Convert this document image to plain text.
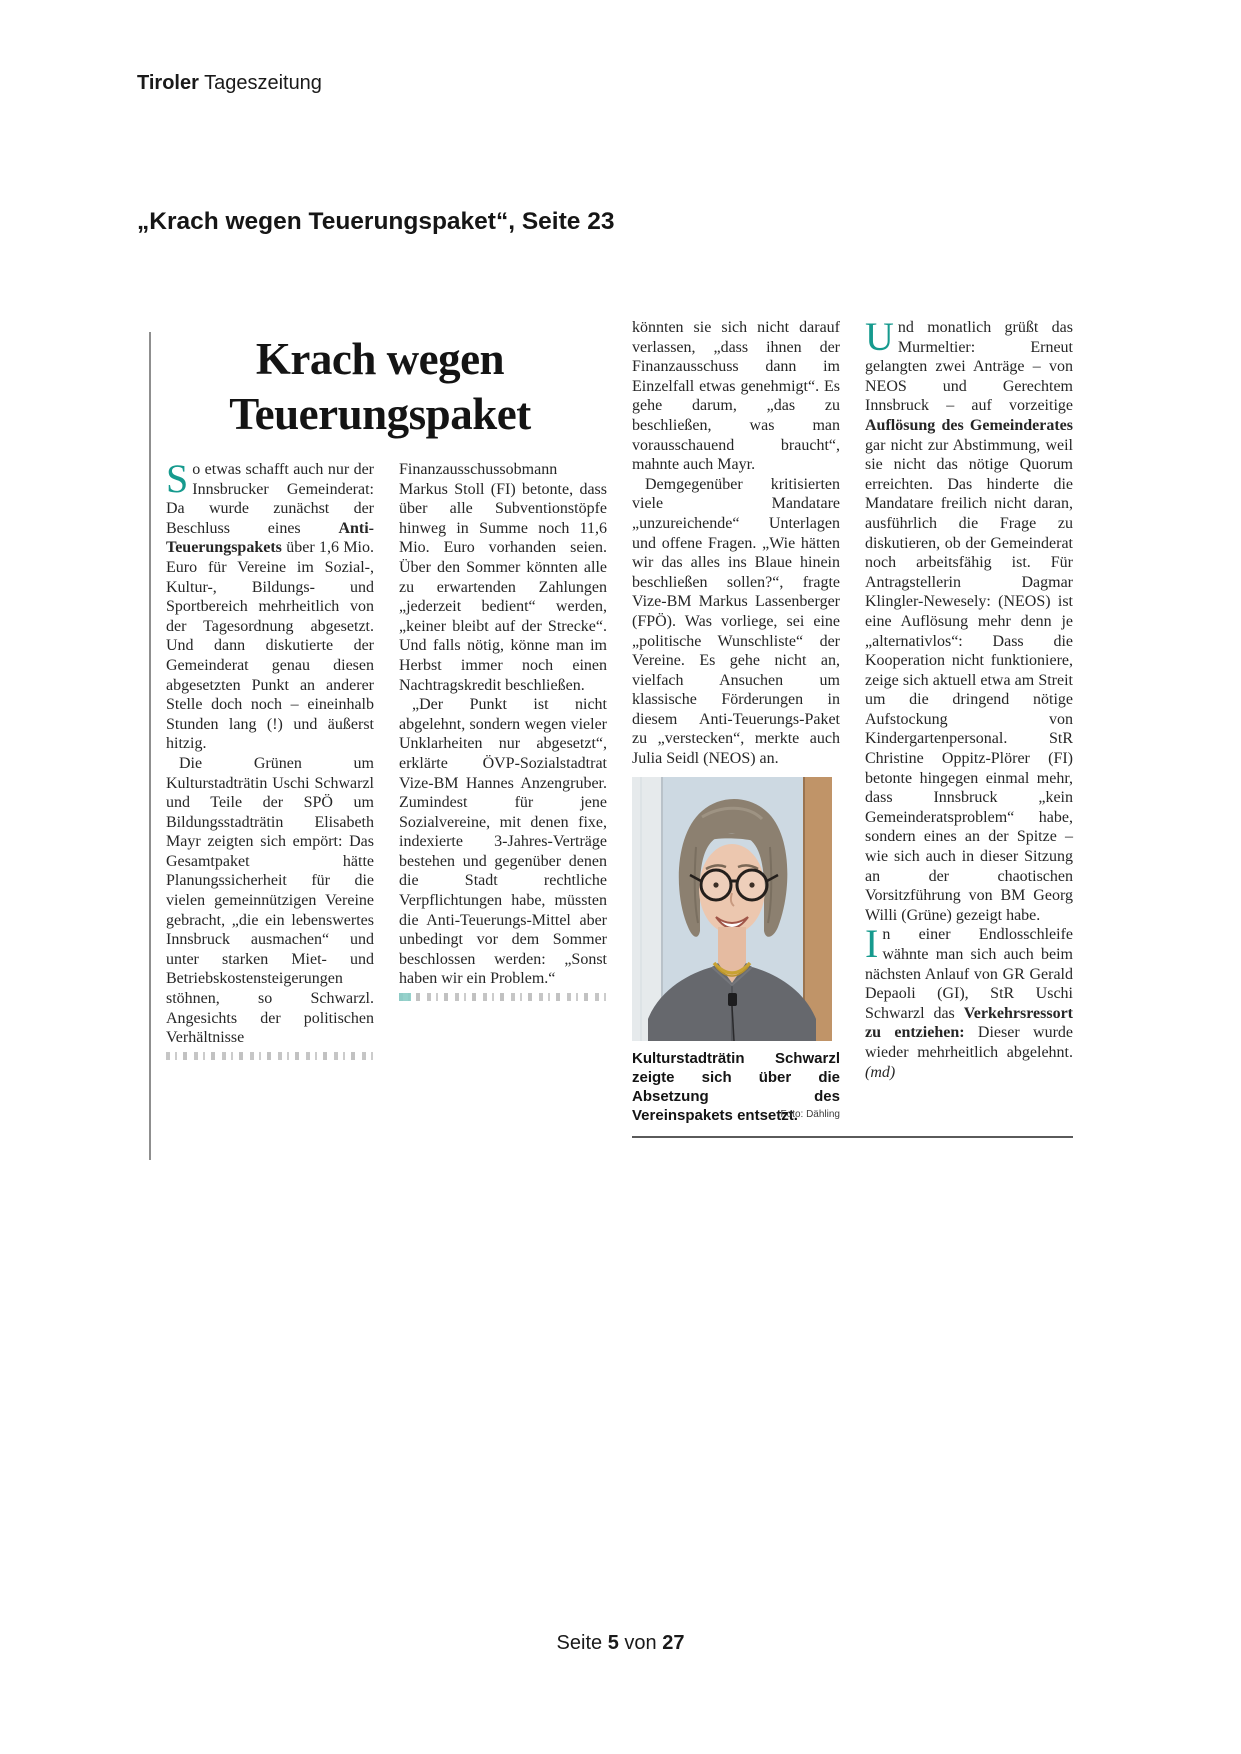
Tiroler Tageszeitung
„Krach wegen Teuerungspaket“, Seite 23
Krach wegen
Teuerungspaket

So etwas schafft auch nur der Innsbrucker Gemeinderat: Da wurde zunächst der Beschluss eines Anti-Teuerungspakets über 1,6 Mio. Euro für Vereine im Sozial-, Kultur-, Bildungs- und Sportbereich mehrheitlich von der Tagesordnung abgesetzt. Und dann diskutierte der Gemeinderat genau diesen abgesetzten Punkt an anderer Stelle doch noch – eineinhalb Stunden lang (!) und äußerst hitzig.

Die Grünen um Kulturstadträtin Uschi Schwarzl und Teile der SPÖ um Bildungsstadträtin Elisabeth Mayr zeigten sich empört: Das Gesamtpaket hätte Planungssicherheit für die vielen gemeinnützigen Vereine gebracht, „die ein lebenswertes Innsbruck ausmachen“ und unter starken Miet- und Betriebskostensteigerungen stöhnen, so Schwarzl. Angesichts der politischen Verhältnisse

Finanzausschussobmann Markus Stoll (FI) betonte, dass über alle Subventionstöpfe hinweg in Summe noch 11,6 Mio. Euro vorhanden seien. Über den Sommer könnten alle zu erwartenden Zahlungen „jederzeit bedient“ werden, „keiner bleibt auf der Strecke“. Und falls nötig, könne man im Herbst immer noch einen Nachtragskredit beschließen.

„Der Punkt ist nicht abgelehnt, sondern wegen vieler Unklarheiten nur abgesetzt“, erklärte ÖVP-Sozialstadtrat Vize-BM Hannes Anzengruber. Zumindest für jene Sozialvereine, mit denen fixe, indexierte 3-Jahres-Verträge bestehen und gegenüber denen die Stadt rechtliche Verpflichtungen habe, müssten die Anti-Teuerungs-Mittel aber unbedingt vor dem Sommer beschlossen werden: „Sonst haben wir ein Problem.“

könnten sie sich nicht darauf verlassen, „dass ihnen der Finanzausschuss dann im Einzelfall etwas genehmigt“. Es gehe darum, „das zu beschließen, was man vorausschauend braucht“, mahnte auch Mayr.

Demgegenüber kritisierten viele Mandatare „unzureichende“ Unterlagen und offene Fragen. „Wie hätten wir das alles ins Blaue hinein beschließen sollen?“, fragte Vize-BM Markus Lassenberger (FPÖ). Was vorliege, sei eine „politische Wunschliste“ der Vereine. Es gehe nicht an, vielfach Ansuchen um klassische Förderungen in diesem Anti-Teuerungs-Paket zu „verstecken“, merkte auch Julia Seidl (NEOS) an.

Kulturstadträtin Schwarzl zeigte sich über die Absetzung des Vereinspakets entsetzt.
Foto: Dähling

Und monatlich grüßt das Murmeltier: Erneut gelangten zwei Anträge – von NEOS und Gerechtem Innsbruck – auf vorzeitige Auflösung des Gemeinderates gar nicht zur Abstimmung, weil sie nicht das nötige Quorum erreichten. Das hinderte die Mandatare freilich nicht daran, ausführlich die Frage zu diskutieren, ob der Gemeinderat noch arbeitsfähig ist. Für Antragstellerin Dagmar Klingler-Newesely: (NEOS) ist eine Auflösung mehr denn je „alternativlos“: Dass die Kooperation nicht funktioniere, zeige sich aktuell etwa am Streit um die dringend nötige Aufstockung von Kindergartenpersonal. StR Christine Oppitz-Plörer (FI) betonte hingegen einmal mehr, dass Innsbruck „kein Gemeinderatsproblem“ habe, sondern eines an der Spitze – wie sich auch in dieser Sitzung an der chaotischen Vorsitzführung von BM Georg Willi (Grüne) gezeigt habe.

In einer Endlosschleife wähnte man sich auch beim nächsten Anlauf von GR Gerald Depaoli (GI), StR Uschi Schwarzl das Verkehrsressort zu entziehen: Dieser wurde wieder mehrheitlich abgelehnt. (md)

Seite 5 von 27
